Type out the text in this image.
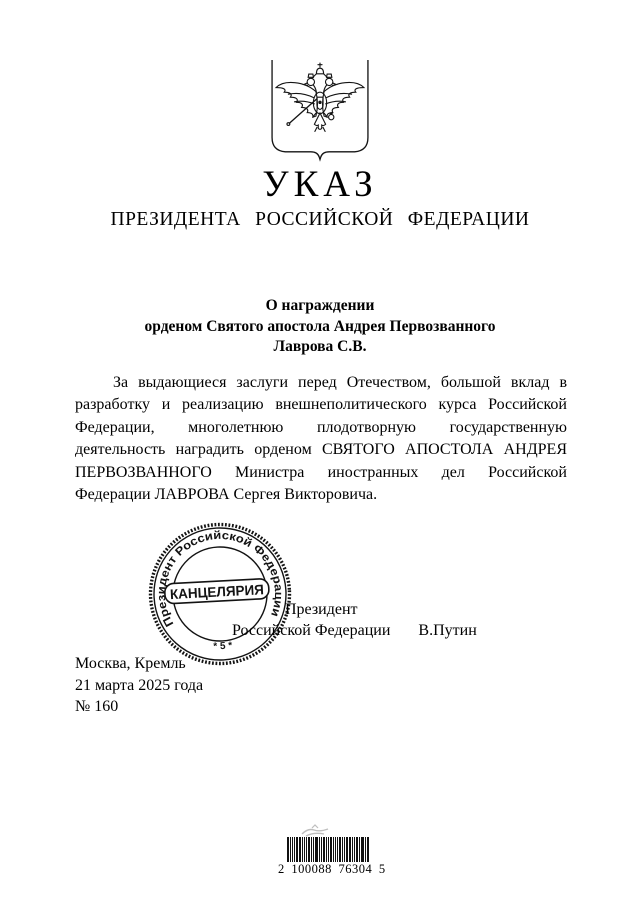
УКАЗ
ПРЕЗИДЕНТА РОССИЙСКОЙ ФЕДЕРАЦИИ
О награждении
орденом Святого апостола Андрея Первозванного
Лаврова С.В.
За выдающиеся заслуги перед Отечеством, большой вклад в разработку и реализацию внешнеполитического курса Российской Федерации, многолетнюю плодотворную государственную деятельность наградить орденом СВЯТОГО АПОСТОЛА АНДРЕЯ ПЕРВОЗВАННОГО Министра иностранных дел Российской Федерации ЛАВРОВА Сергея Викторовича.
Президент
Российской Федерации В.Путин
Президент Российской Федерации
* 5 *
КАНЦЕЛЯРИЯ
Москва, Кремль
21 марта 2025 года
№ 160
2 100088 76304 5
